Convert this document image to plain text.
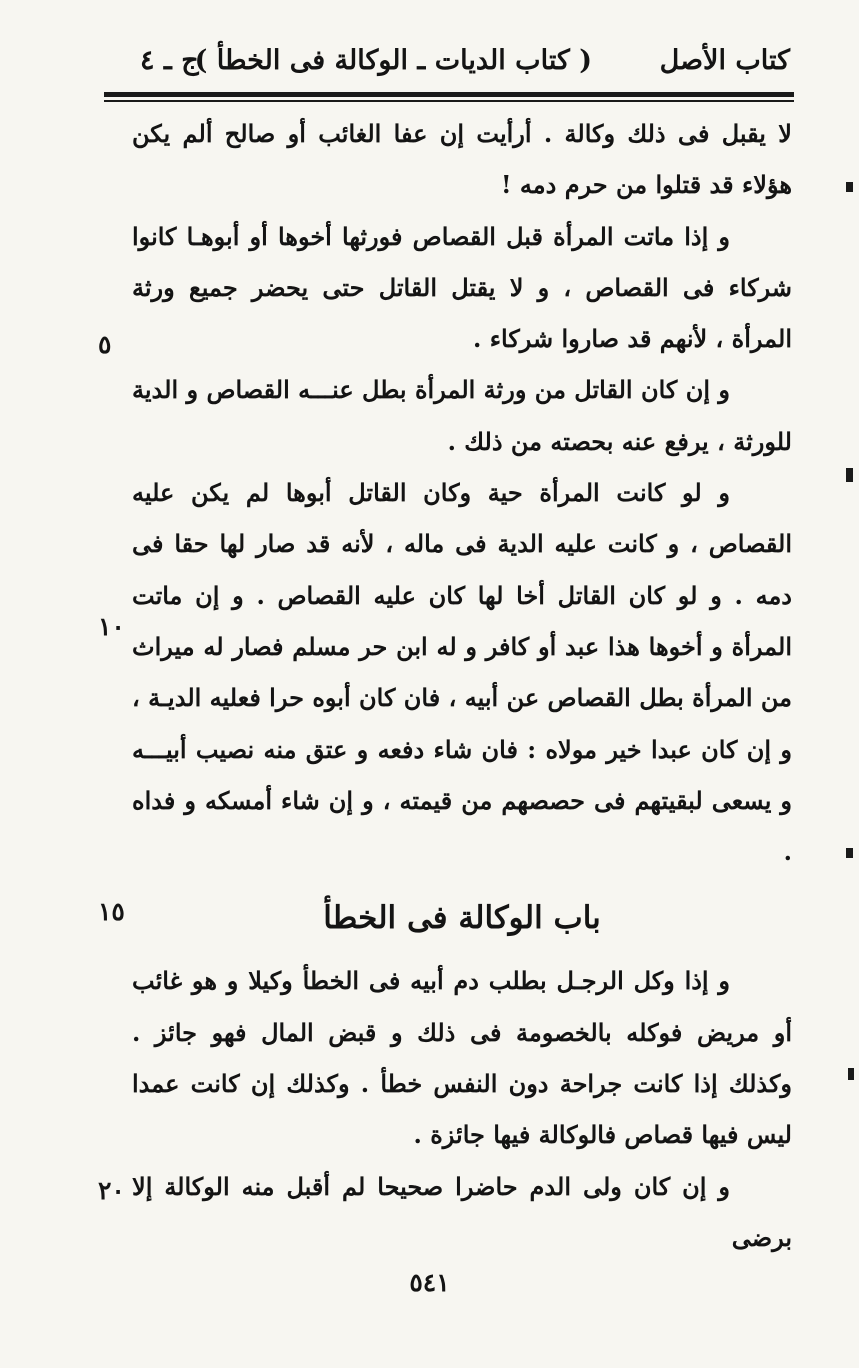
كتاب الأصل
( كتاب الديات ـ الوكالة فى الخطأ )
ج ـ ٤

لا يقبل فى ذلك وكالة . أرأيت إن عفا الغائب أو صالح ألم يكن هؤلاء قد قتلوا من حرم دمه !

و إذا ماتت المرأة قبل القصاص فورثها أخوها أو أبوهـا كانوا شركاء فى القصاص ، و لا يقتل القاتل حتى يحضر جميع ورثة المرأة ، لأنهم قد صاروا شركاء .

و إن كان القاتل من ورثة المرأة بطل عنـــه القصاص و الدية للورثة ، يرفع عنه بحصته من ذلك .

و لو كانت المرأة حية وكان القاتل أبوها لم يكن عليه القصاص ، و كانت عليه الدية فى ماله ، لأنه قد صار لها حقا فى دمه . و لو كان القاتل أخا لها كان عليه القصاص . و إن ماتت المرأة و أخوها هذا عبد أو كافر و له ابن حر مسلم فصار له ميراث من المرأة بطل القصاص عن أبيه ، فان كان أبوه حرا فعليه الديـة ، و إن كان عبدا خير مولاه : فان شاء دفعه و عتق منه نصيب أبيـــه و يسعى لبقيتهم فى حصصهم من قيمته ، و إن شاء أمسكه و فداه .

باب الوكالة فى الخطأ

و إذا وكل الرجـل بطلب دم أبيه فى الخطأ وكيلا و هو غائب أو مريض فوكله بالخصومة فى ذلك و قبض المال فهو جائز . وكذلك إذا كانت جراحة دون النفس خطأ . وكذلك إن كانت عمدا ليس فيها قصاص فالوكالة فيها جائزة .

و إن كان ولى الدم حاضرا صحيحا لم أقبل منه الوكالة إلا برضى

٥
١٠
١٥
٢٠
٥٤١
